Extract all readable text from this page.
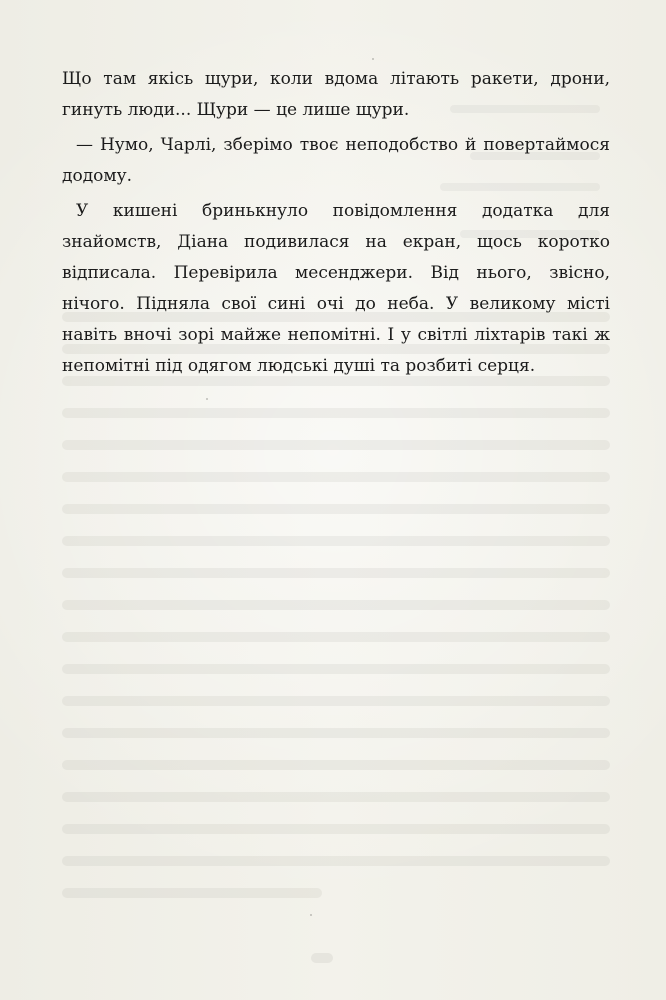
Що там якісь щури, коли вдома літають ракети, дрони, гинуть люди... Щури — це лише щури.

— Нумо, Чарлі, зберімо твоє неподобство й повертаймося додому.

У кишені бринькнуло повідомлення додатка для знайомств, Діана подивилася на екран, щось коротко відписала. Перевірила месенджери. Від нього, звісно, нічого. Підняла свої сині очі до неба. У великому місті навіть вночі зорі майже непомітні. І у світлі ліхтарів такі ж непомітні під одягом людські душі та розбиті серця.
